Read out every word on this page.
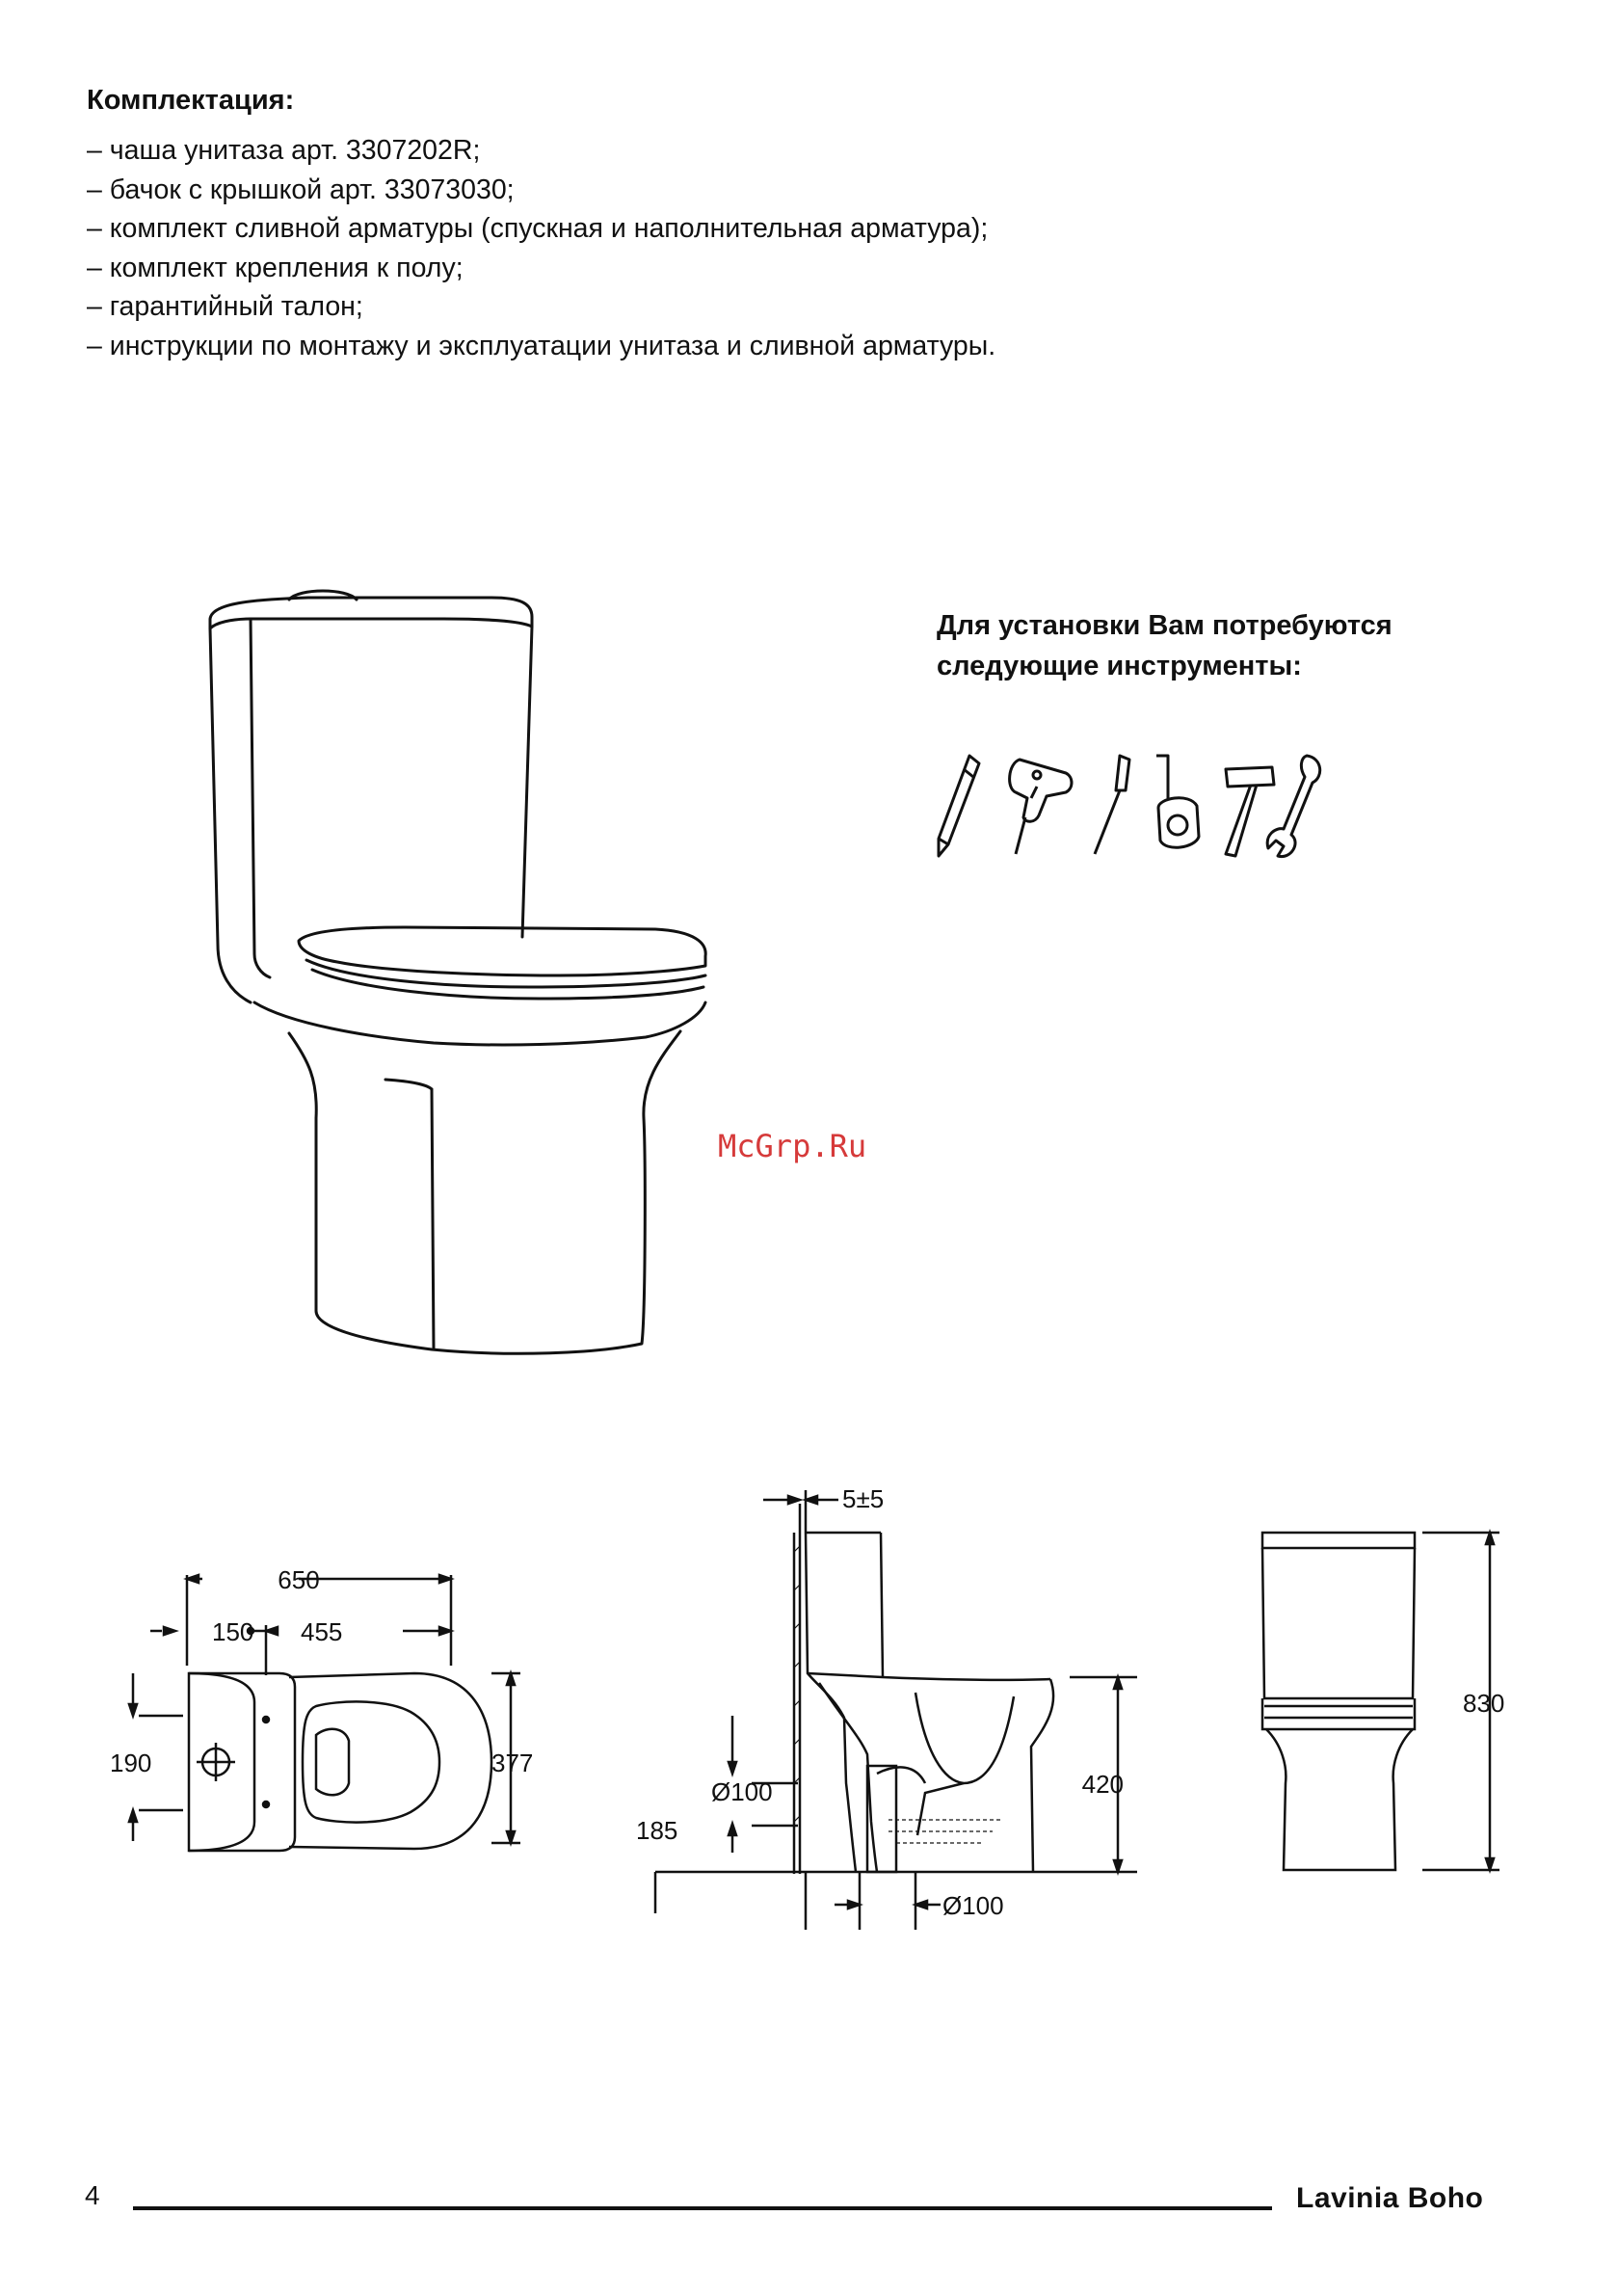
Комплектация:
– чаша унитаза арт. 3307202R;
– бачок с крышкой арт. 33073030;
– комплект сливной арматуры (спускная и наполнительная арматура);
– комплект крепления к полу;
– гарантийный талон;
– инструкции по монтажу и эксплуатации унитаза и сливной арматуры.
Для установки Вам потребуются
следующие инструменты:
McGrp.Ru
650
150 455
190	377
5±5
Ø100
185
420
Ø100
830
4	Lavinia Boho
